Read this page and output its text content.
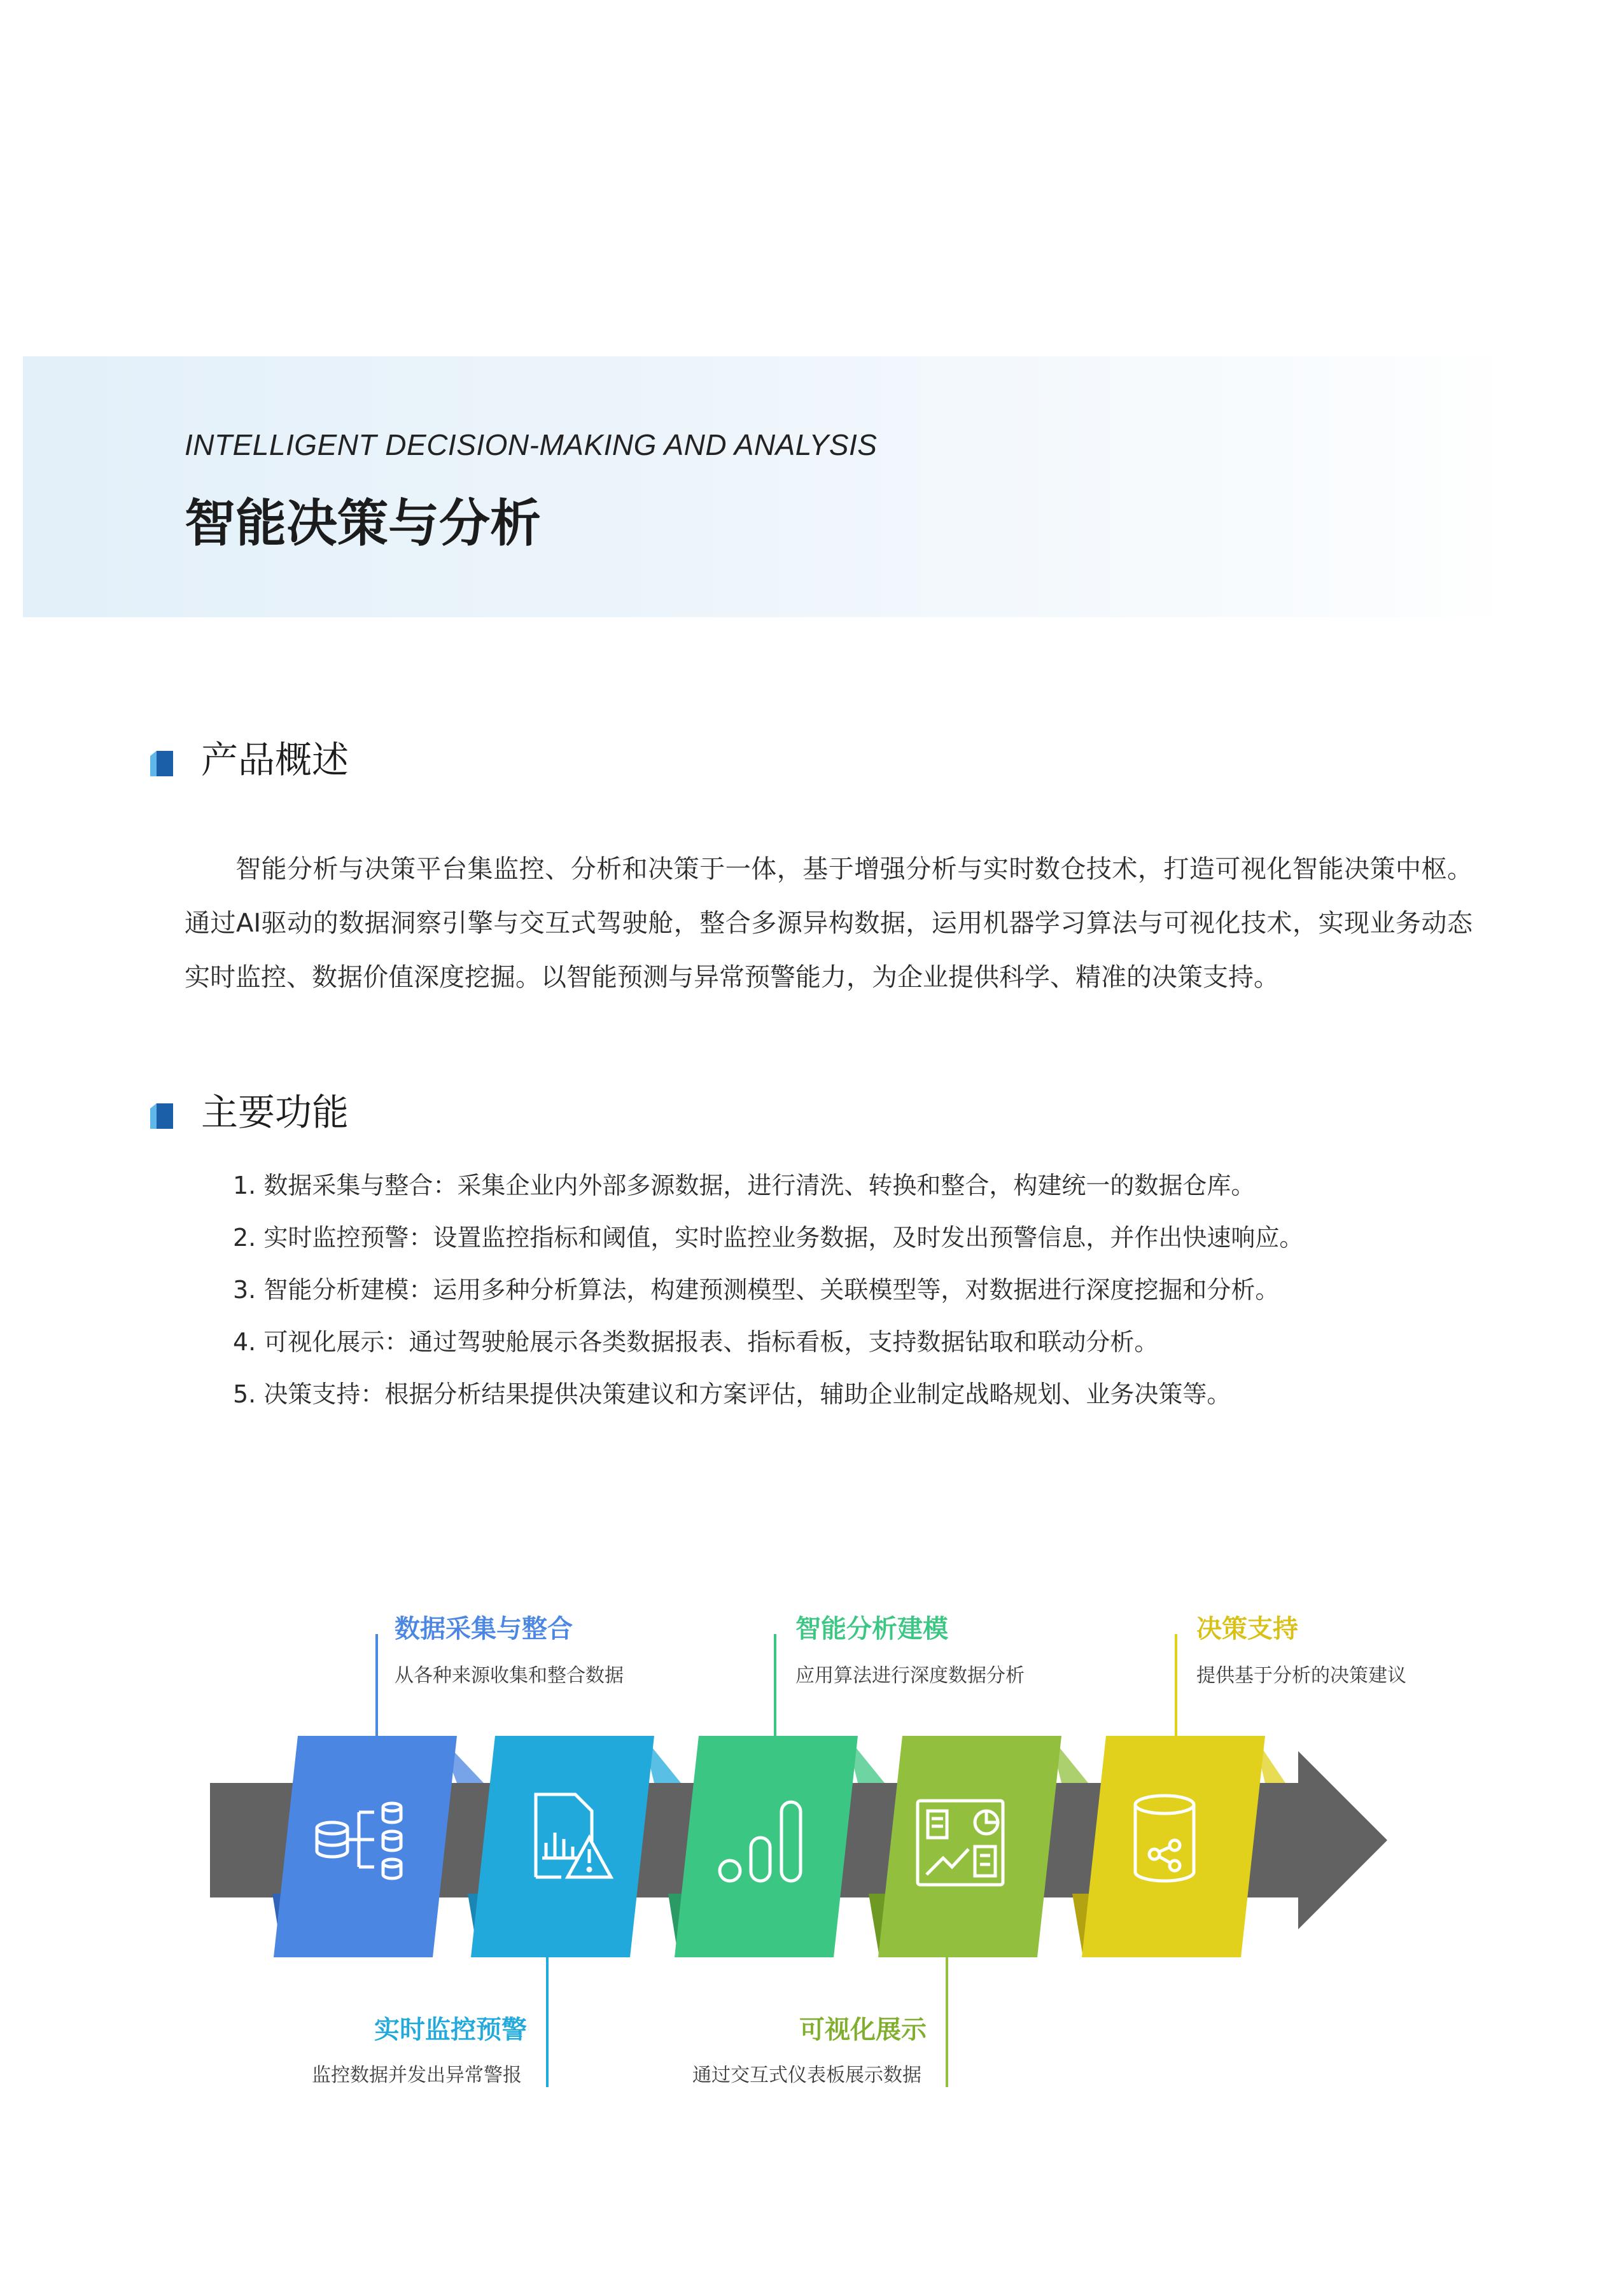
INTELLIGENT DECISION-MAKING AND ANALYSIS
智能决策与分析
产品概述
智能分析与决策平台集监控、分析和决策于一体，基于增强分析与实时数仓技术，打造可视化智能决策中枢。通过AI驱动的数据洞察引擎与交互式驾驶舱，整合多源异构数据，运用机器学习算法与可视化技术，实现业务动态实时监控、数据价值深度挖掘。以智能预测与异常预警能力，为企业提供科学、精准的决策支持。
主要功能
1. 数据采集与整合：采集企业内外部多源数据，进行清洗、转换和整合，构建统一的数据仓库。
2. 实时监控预警：设置监控指标和阈值，实时监控业务数据，及时发出预警信息，并作出快速响应。
3. 智能分析建模：运用多种分析算法，构建预测模型、关联模型等，对数据进行深度挖掘和分析。
4. 可视化展示：通过驾驶舱展示各类数据报表、指标看板，支持数据钻取和联动分析。
5. 决策支持：根据分析结果提供决策建议和方案评估，辅助企业制定战略规划、业务决策等。
数据采集与整合
从各种来源收集和整合数据
智能分析建模
应用算法进行深度数据分析
决策支持
提供基于分析的决策建议
实时监控预警
监控数据并发出异常警报
可视化展示
通过交互式仪表板展示数据
